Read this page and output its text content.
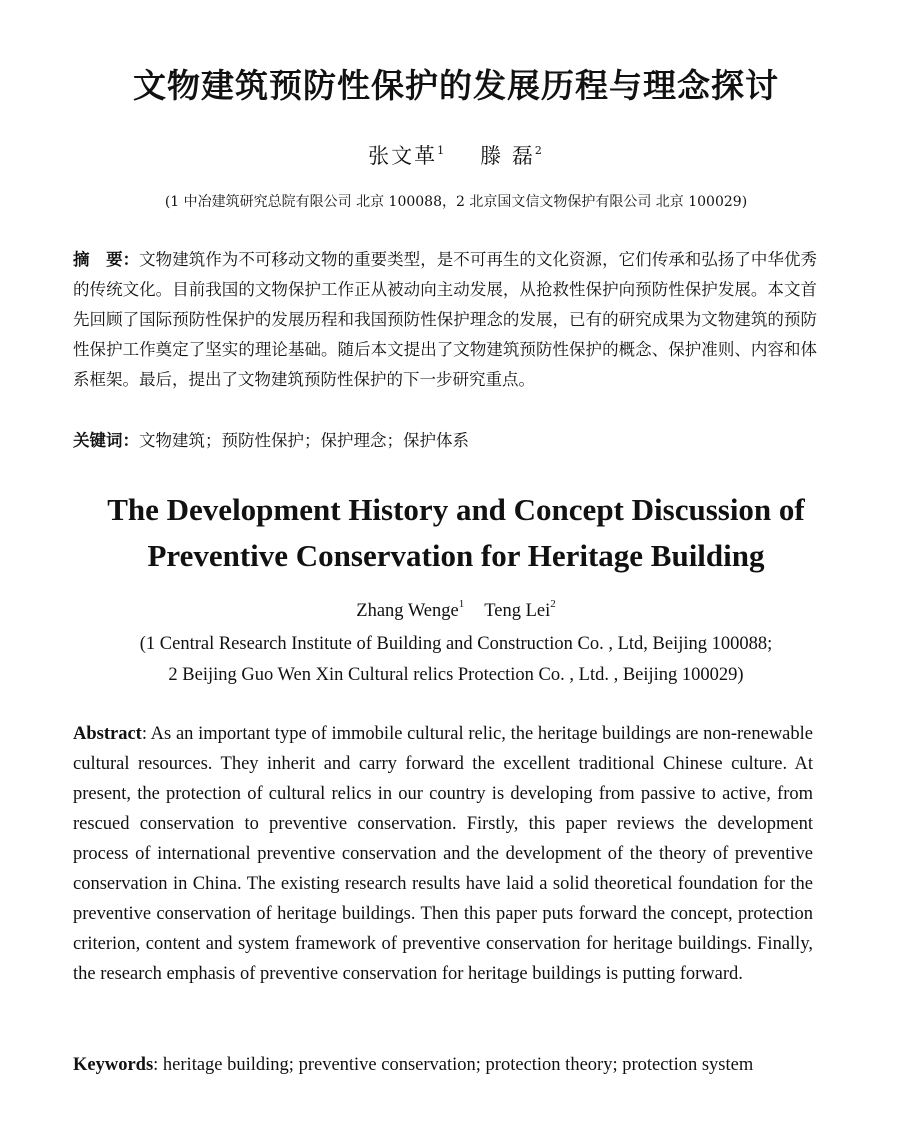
文物建筑预防性保护的发展历程与理念探讨
张文革$^1$ 滕 磊$^2$
(1 中冶建筑研究总院有限公司 北京 100088，2 北京国文信文物保护有限公司 北京 100029)
摘　要：文物建筑作为不可移动文物的重要类型，是不可再生的文化资源，它们传承和弘扬了中华优秀的传统文化。目前我国的文物保护工作正从被动向主动发展，从抢救性保护向预防性保护发展。本文首先回顾了国际预防性保护的发展历程和我国预防性保护理念的发展，已有的研究成果为文物建筑的预防性保护工作奠定了坚实的理论基础。随后本文提出了文物建筑预防性保护的概念、保护准则、内容和体系框架。最后，提出了文物建筑预防性保护的下一步研究重点。
关键词：文物建筑；预防性保护；保护理念；保护体系
The Development History and Concept Discussion of
Preventive Conservation for Heritage Building
Zhang Wenge$^1$ Teng Lei$^2$
(1 Central Research Institute of Building and Construction Co. , Ltd, Beijing 100088;
2 Beijing Guo Wen Xin Cultural relics Protection Co. , Ltd. , Beijing 100029)
Abstract: As an important type of immobile cultural relic, the heritage buildings are non-renewable cultural resources. They inherit and carry forward the excellent traditional Chinese culture. At present, the protection of cultural relics in our country is developing from passive to active, from rescued conservation to preventive conservation. Firstly, this paper reviews the development process of international preventive conservation and the development of the theory of preventive conservation in China. The existing research results have laid a solid theoretical foundation for the preventive conservation of heritage buildings. Then this paper puts forward the concept, protection criterion, content and system framework of preventive conservation for heritage buildings. Finally, the research emphasis of preventive conservation for heritage buildings is putting forward.
Keywords: heritage building; preventive conservation; protection theory; protection system
